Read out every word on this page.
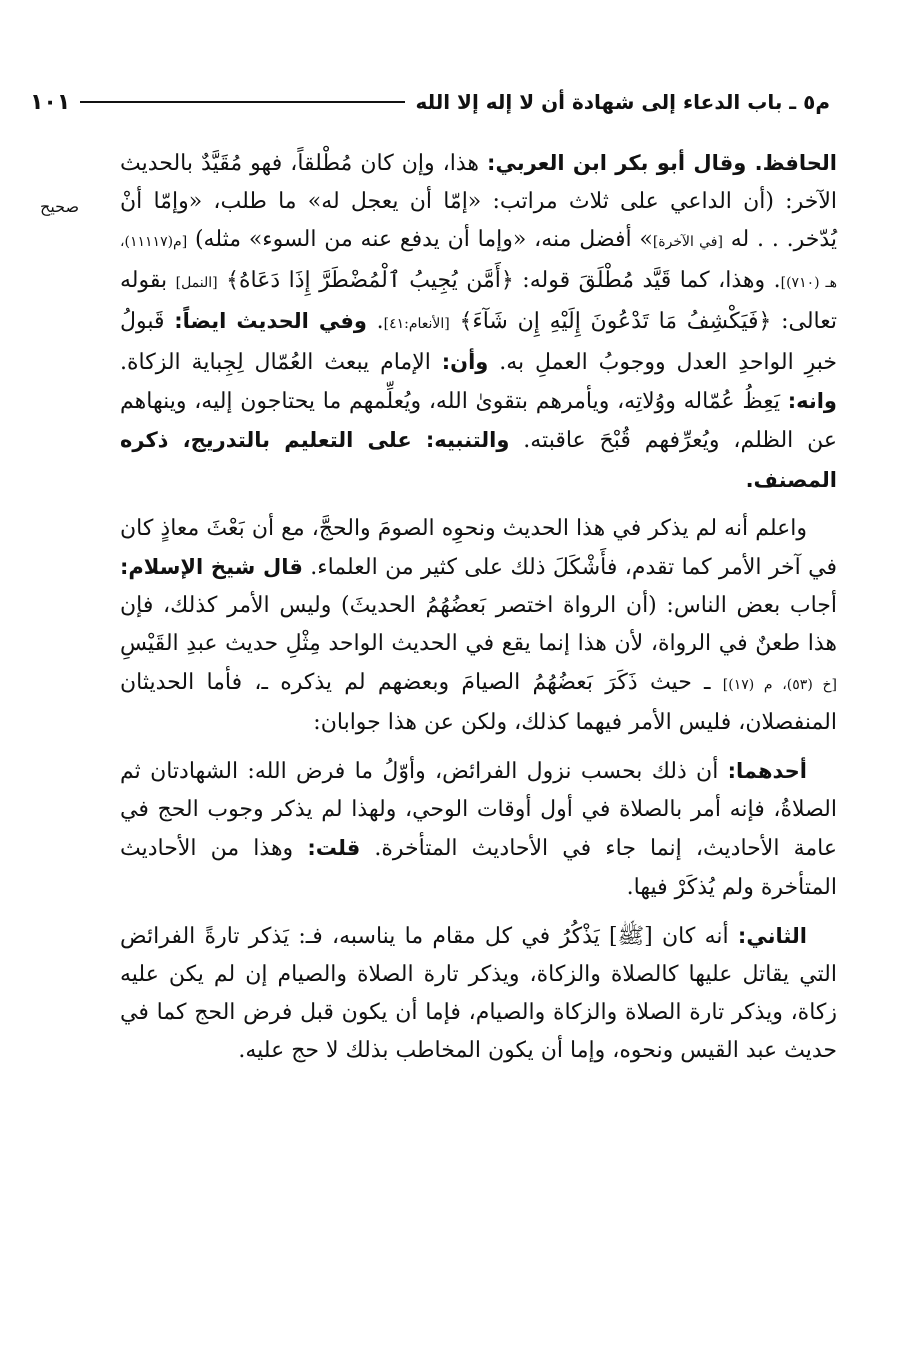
م٥ ـ باب الدعاء إلى شهادة أن لا إله إلا الله
١٠١
صحيح

الحافظ. وقال أبو بكر ابن العربي: هذا، وإن كان مُطْلقاً، فهو مُقَيَّدٌ بالحديث الآخر: (أن الداعي على ثلاث مراتب: «إمّا أن يعجل له» ما طلب، «وإمّا أنْ يُدّخر. . . له [في الآخرة]» أفضل منه، «وإما أن يدفع عنه من السوء» مثله) [م(١١١١٧)، هـ (٧١٠)]. وهذا، كما قَيَّد مُطْلَقَ قوله: ﴿أَمَّن يُجِيبُ ٱلْمُضْطَرَّ إِذَا دَعَاهُ﴾ [النمل] بقوله تعالى: ﴿فَيَكْشِفُ مَا تَدْعُونَ إِلَيْهِ إِن شَآءَ﴾ [الأنعام:٤١]. وفي الحديث ايضاً: قَبولُ خبرِ الواحدِ العدل ووجوبُ العملِ به. وأن: الإمام يبعث العُمّال لِجِباية الزكاة. وانه: يَعِظُ عُمّاله ووُلاتِه، ويأمرهم بتقوىٰ الله، ويُعلِّمهم ما يحتاجون إليه، وينهاهم عن الظلم، ويُعرِّفهم قُبْحَ عاقبته. والتنبيه: على التعليم بالتدريج، ذكره المصنف.

واعلم أنه لم يذكر في هذا الحديث ونحوِه الصومَ والحجَّ، مع أن بَعْثَ معاذٍ كان في آخر الأمر كما تقدم، فأَشْكَلَ ذلك على كثير من العلماء. قال شيخ الإسلام: أجاب بعض الناس: (أن الرواة اختصر بَعضُهُمُ الحديثَ) وليس الأمر كذلك، فإن هذا طعنٌ في الرواة، لأن هذا إنما يقع في الحديث الواحد مِثْلِ حديث عبدِ القَيْسِ [خ (٥٣)، م (١٧)] ـ حيث ذَكَرَ بَعضُهُمُ الصيامَ وبعضهم لم يذكره ـ، فأما الحديثان المنفصلان، فليس الأمر فيهما كذلك، ولكن عن هذا جوابان:

أحدهما: أن ذلك بحسب نزول الفرائض، وأوّلُ ما فرض الله: الشهادتان ثم الصلاةُ، فإنه أمر بالصلاة في أول أوقات الوحي، ولهذا لم يذكر وجوب الحج في عامة الأحاديث، إنما جاء في الأحاديث المتأخرة. قلت: وهذا من الأحاديث المتأخرة ولم يُذكَرْ فيها.

الثاني: أنه كان [ﷺ] يَذْكُرُ في كل مقام ما يناسبه، فـ: يَذكر تارةً الفرائض التي يقاتل عليها كالصلاة والزكاة، ويذكر تارة الصلاة والصيام إن لم يكن عليه زكاة، ويذكر تارة الصلاة والزكاة والصيام، فإما أن يكون قبل فرض الحج كما في حديث عبد القيس ونحوه، وإما أن يكون المخاطب بذلك لا حج عليه.
